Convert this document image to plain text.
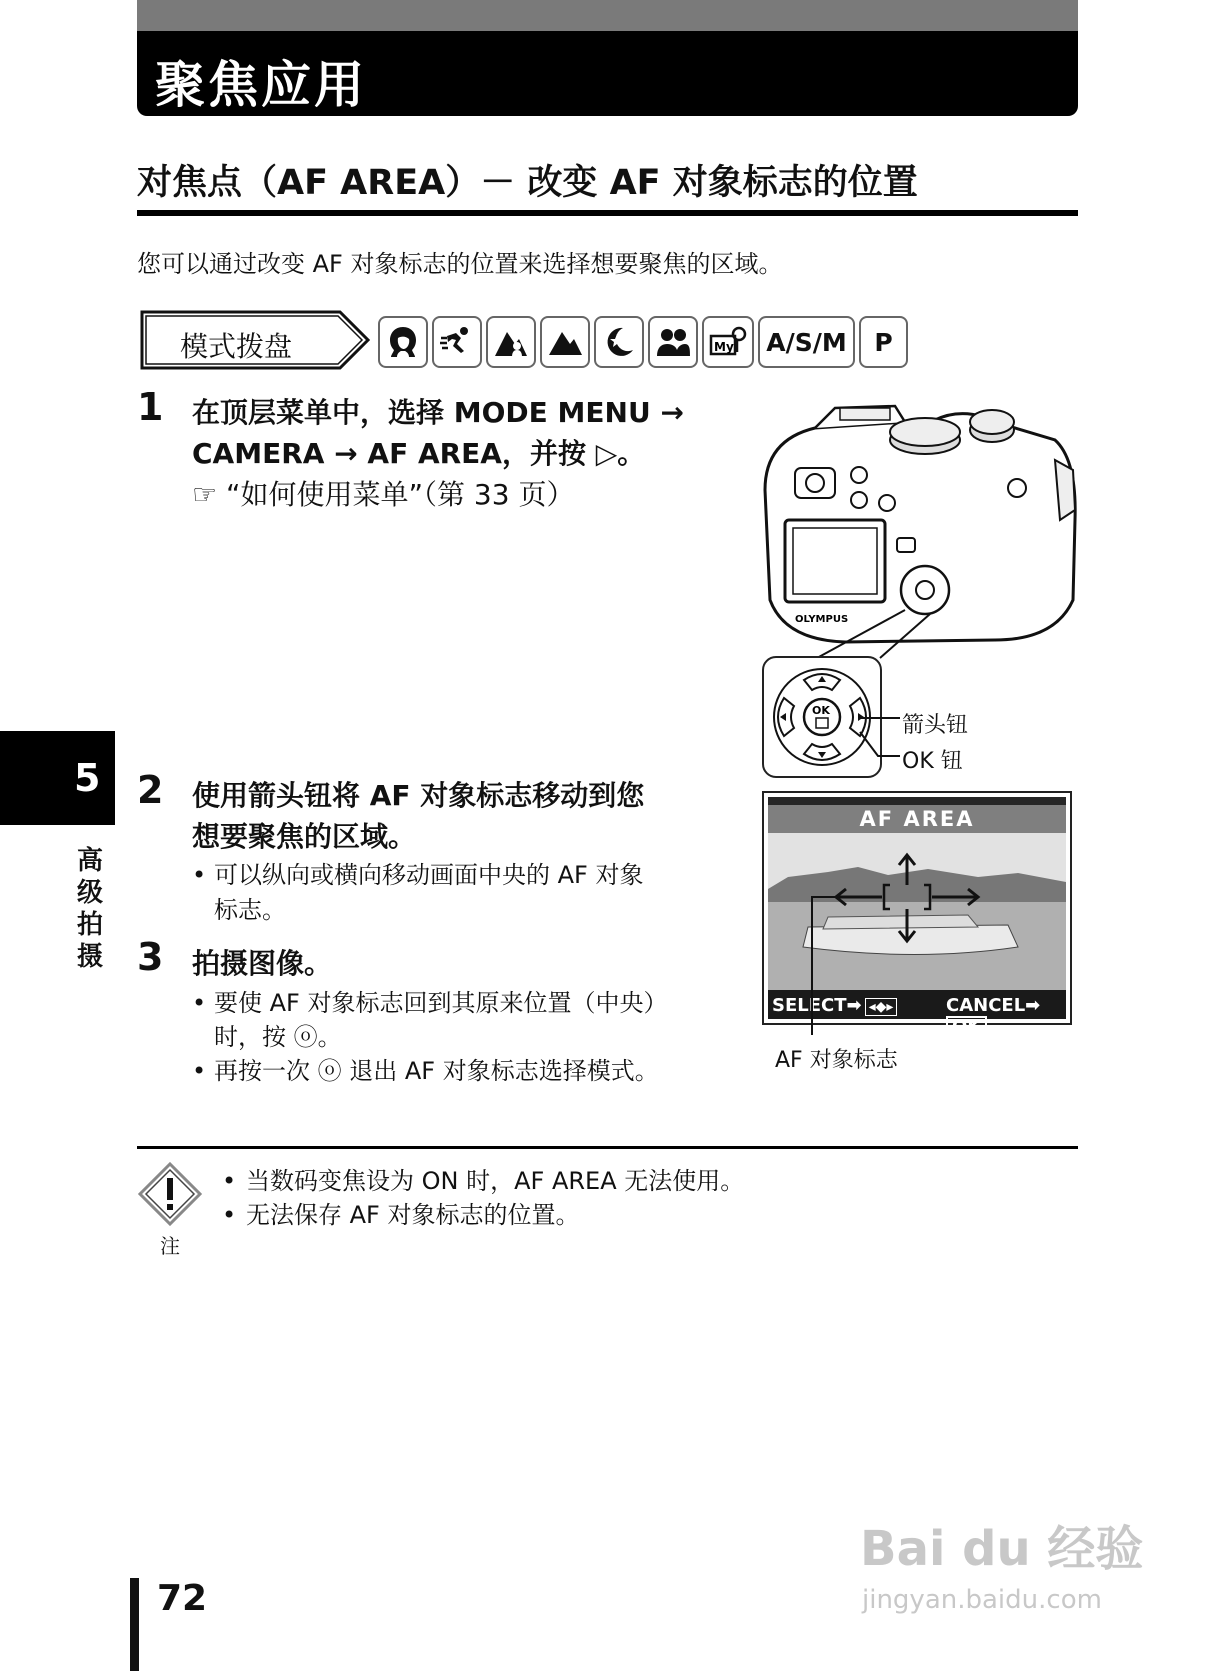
聚焦应用
对焦点（AF AREA）－ 改变 AF 对象标志的位置
您可以通过改变 AF 对象标志的位置来选择想要聚焦的区域。
模式拨盘	My	A/S/M	P
1 在顶层菜单中，选择 MODE MENU →
CAMERA → AF AREA，并按 ▷。
☞ “如何使用菜单”（第 33 页）
OLYMPUS
OK
箭头钮
OK 钮
2 使用箭头钮将 AF 对象标志移动到您
想要聚焦的区域。
• 可以纵向或横向移动画面中央的 AF 对象
标志。
3 拍摄图像。
• 要使 AF 对象标志回到其原来位置（中央）
时，按 ⓞ。
• 再按一次 ⓞ 退出 AF 对象标志选择模式。
AF AREA
SELECT➡ ◂◆▸	CANCEL➡OK
AF 对象标志
注
• 当数码变焦设为 ON 时，AF AREA 无法使用。
• 无法保存 AF 对象标志的位置。
5
高级拍摄
72
Bai du 经验
jingyan.baidu.com
